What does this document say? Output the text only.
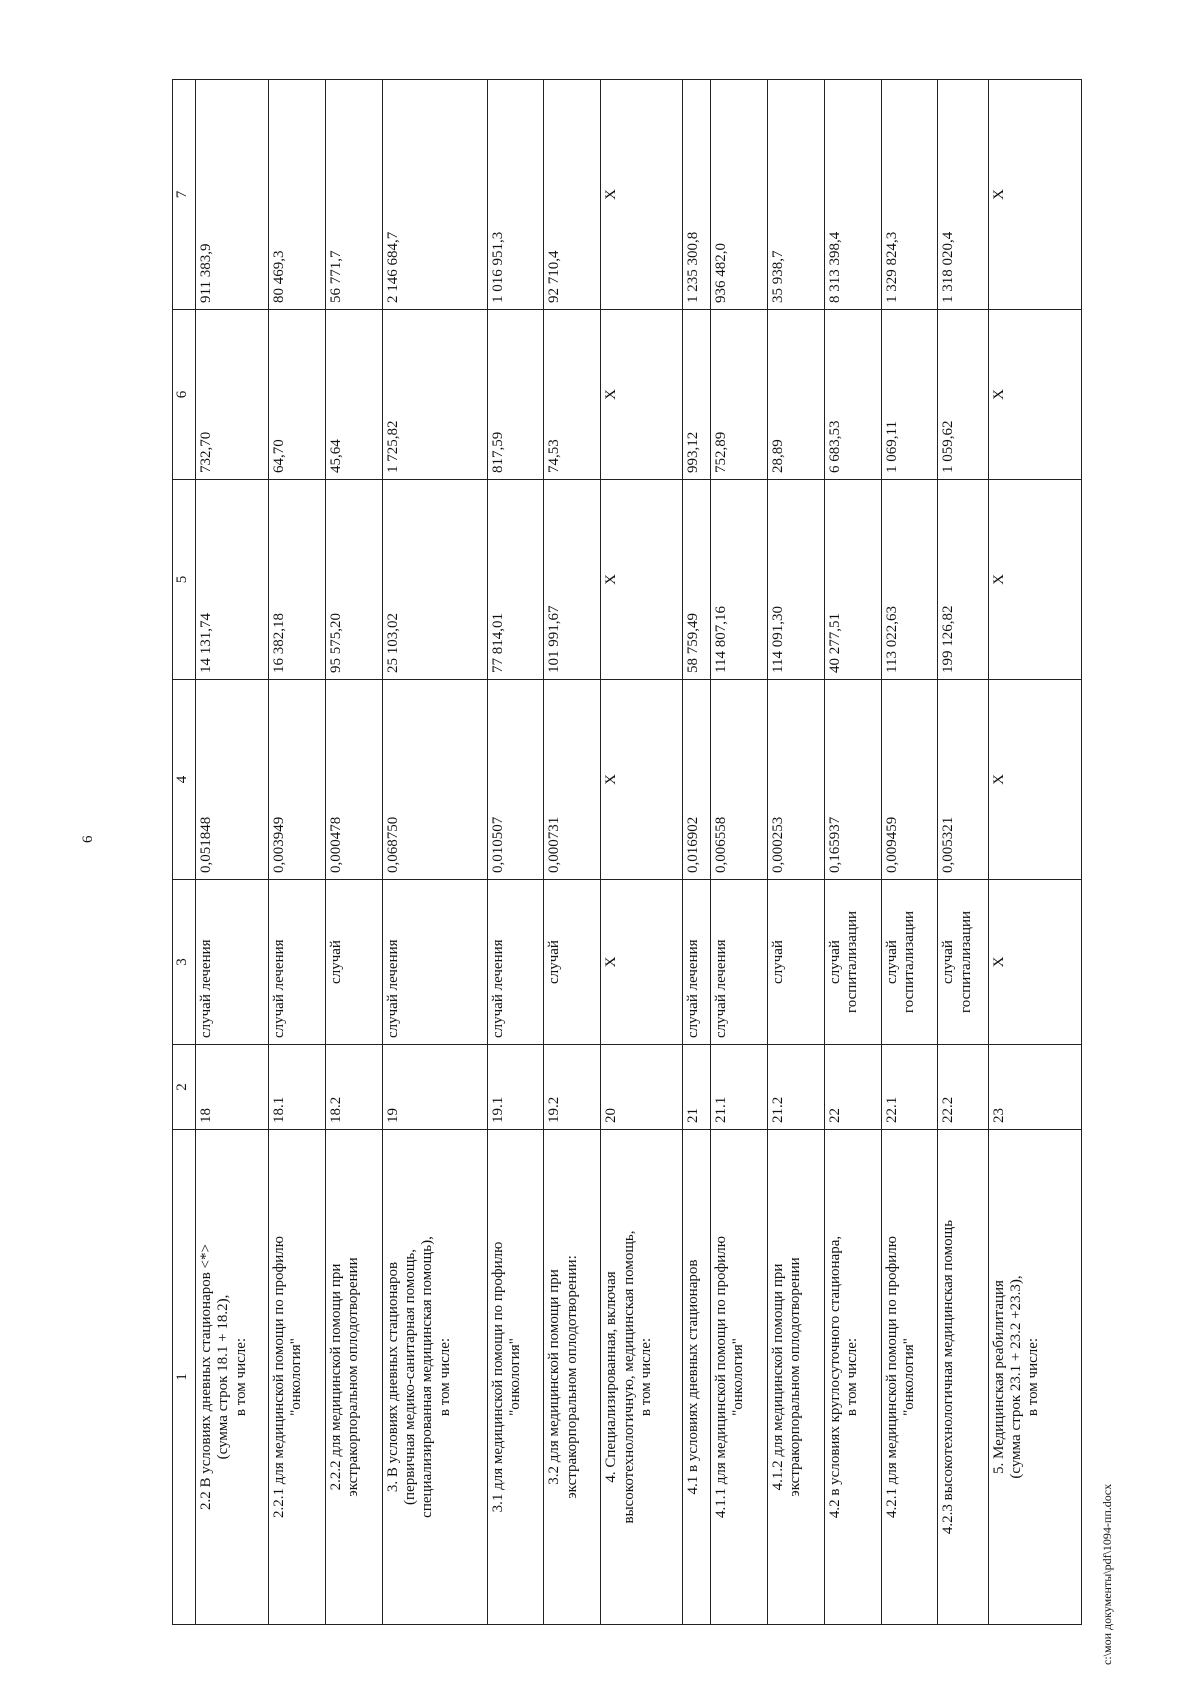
6
1	2	3	4	5	6	7
2.2 В условиях дневных стационаров <*>
(сумма строк 18.1 + 18.2),
в том числе:	18	случай лечения	0,051848	14 131,74	732,70	911 383,9
2.2.1 для медицинской помощи по профилю
"онкология"	18.1	случай лечения	0,003949	16 382,18	64,70	80 469,3
2.2.2 для медицинской помощи при
экстракорпоральном оплодотворении	18.2	случай	0,000478	95 575,20	45,64	56 771,7
3. В условиях дневных стационаров
(первичная медико-санитарная помощь,
специализированная медицинская помощь),
в том числе:	19	случай лечения	0,068750	25 103,02	1 725,82	2 146 684,7
3.1 для медицинской помощи по профилю
"онкология"	19.1	случай лечения	0,010507	77 814,01	817,59	1 016 951,3
3.2 для медицинской помощи при
экстракорпоральном оплодотворении:	19.2	случай	0,000731	101 991,67	74,53	92 710,4
4. Специализированная, включая
высокотехнологичную, медицинская помощь,
в том числе:	20	X	X	X	X	X
4.1 в условиях дневных стационаров	21	случай лечения	0,016902	58 759,49	993,12	1 235 300,8
4.1.1 для медицинской помощи по профилю
"онкология"	21.1	случай лечения	0,006558	114 807,16	752,89	936 482,0
4.1.2 для медицинской помощи при
экстракорпоральном оплодотворении	21.2	случай	0,000253	114 091,30	28,89	35 938,7
4.2 в условиях круглосуточного стационара,
в том числе:	22	случай
госпитализации	0,165937	40 277,51	6 683,53	8 313 398,4
4.2.1 для медицинской помощи по профилю
"онкология"	22.1	случай
госпитализации	0,009459	113 022,63	1 069,11	1 329 824,3
4.2.3 высокотехнологичная медицинская помощь	22.2	случай
госпитализации	0,005321	199 126,82	1 059,62	1 318 020,4
5. Медицинская реабилитация
(сумма строк 23.1 + 23.2 +23.3),
в том числе:	23	X	X	X	X	X
c:\мои документы\pdf\1094-пп.docx
